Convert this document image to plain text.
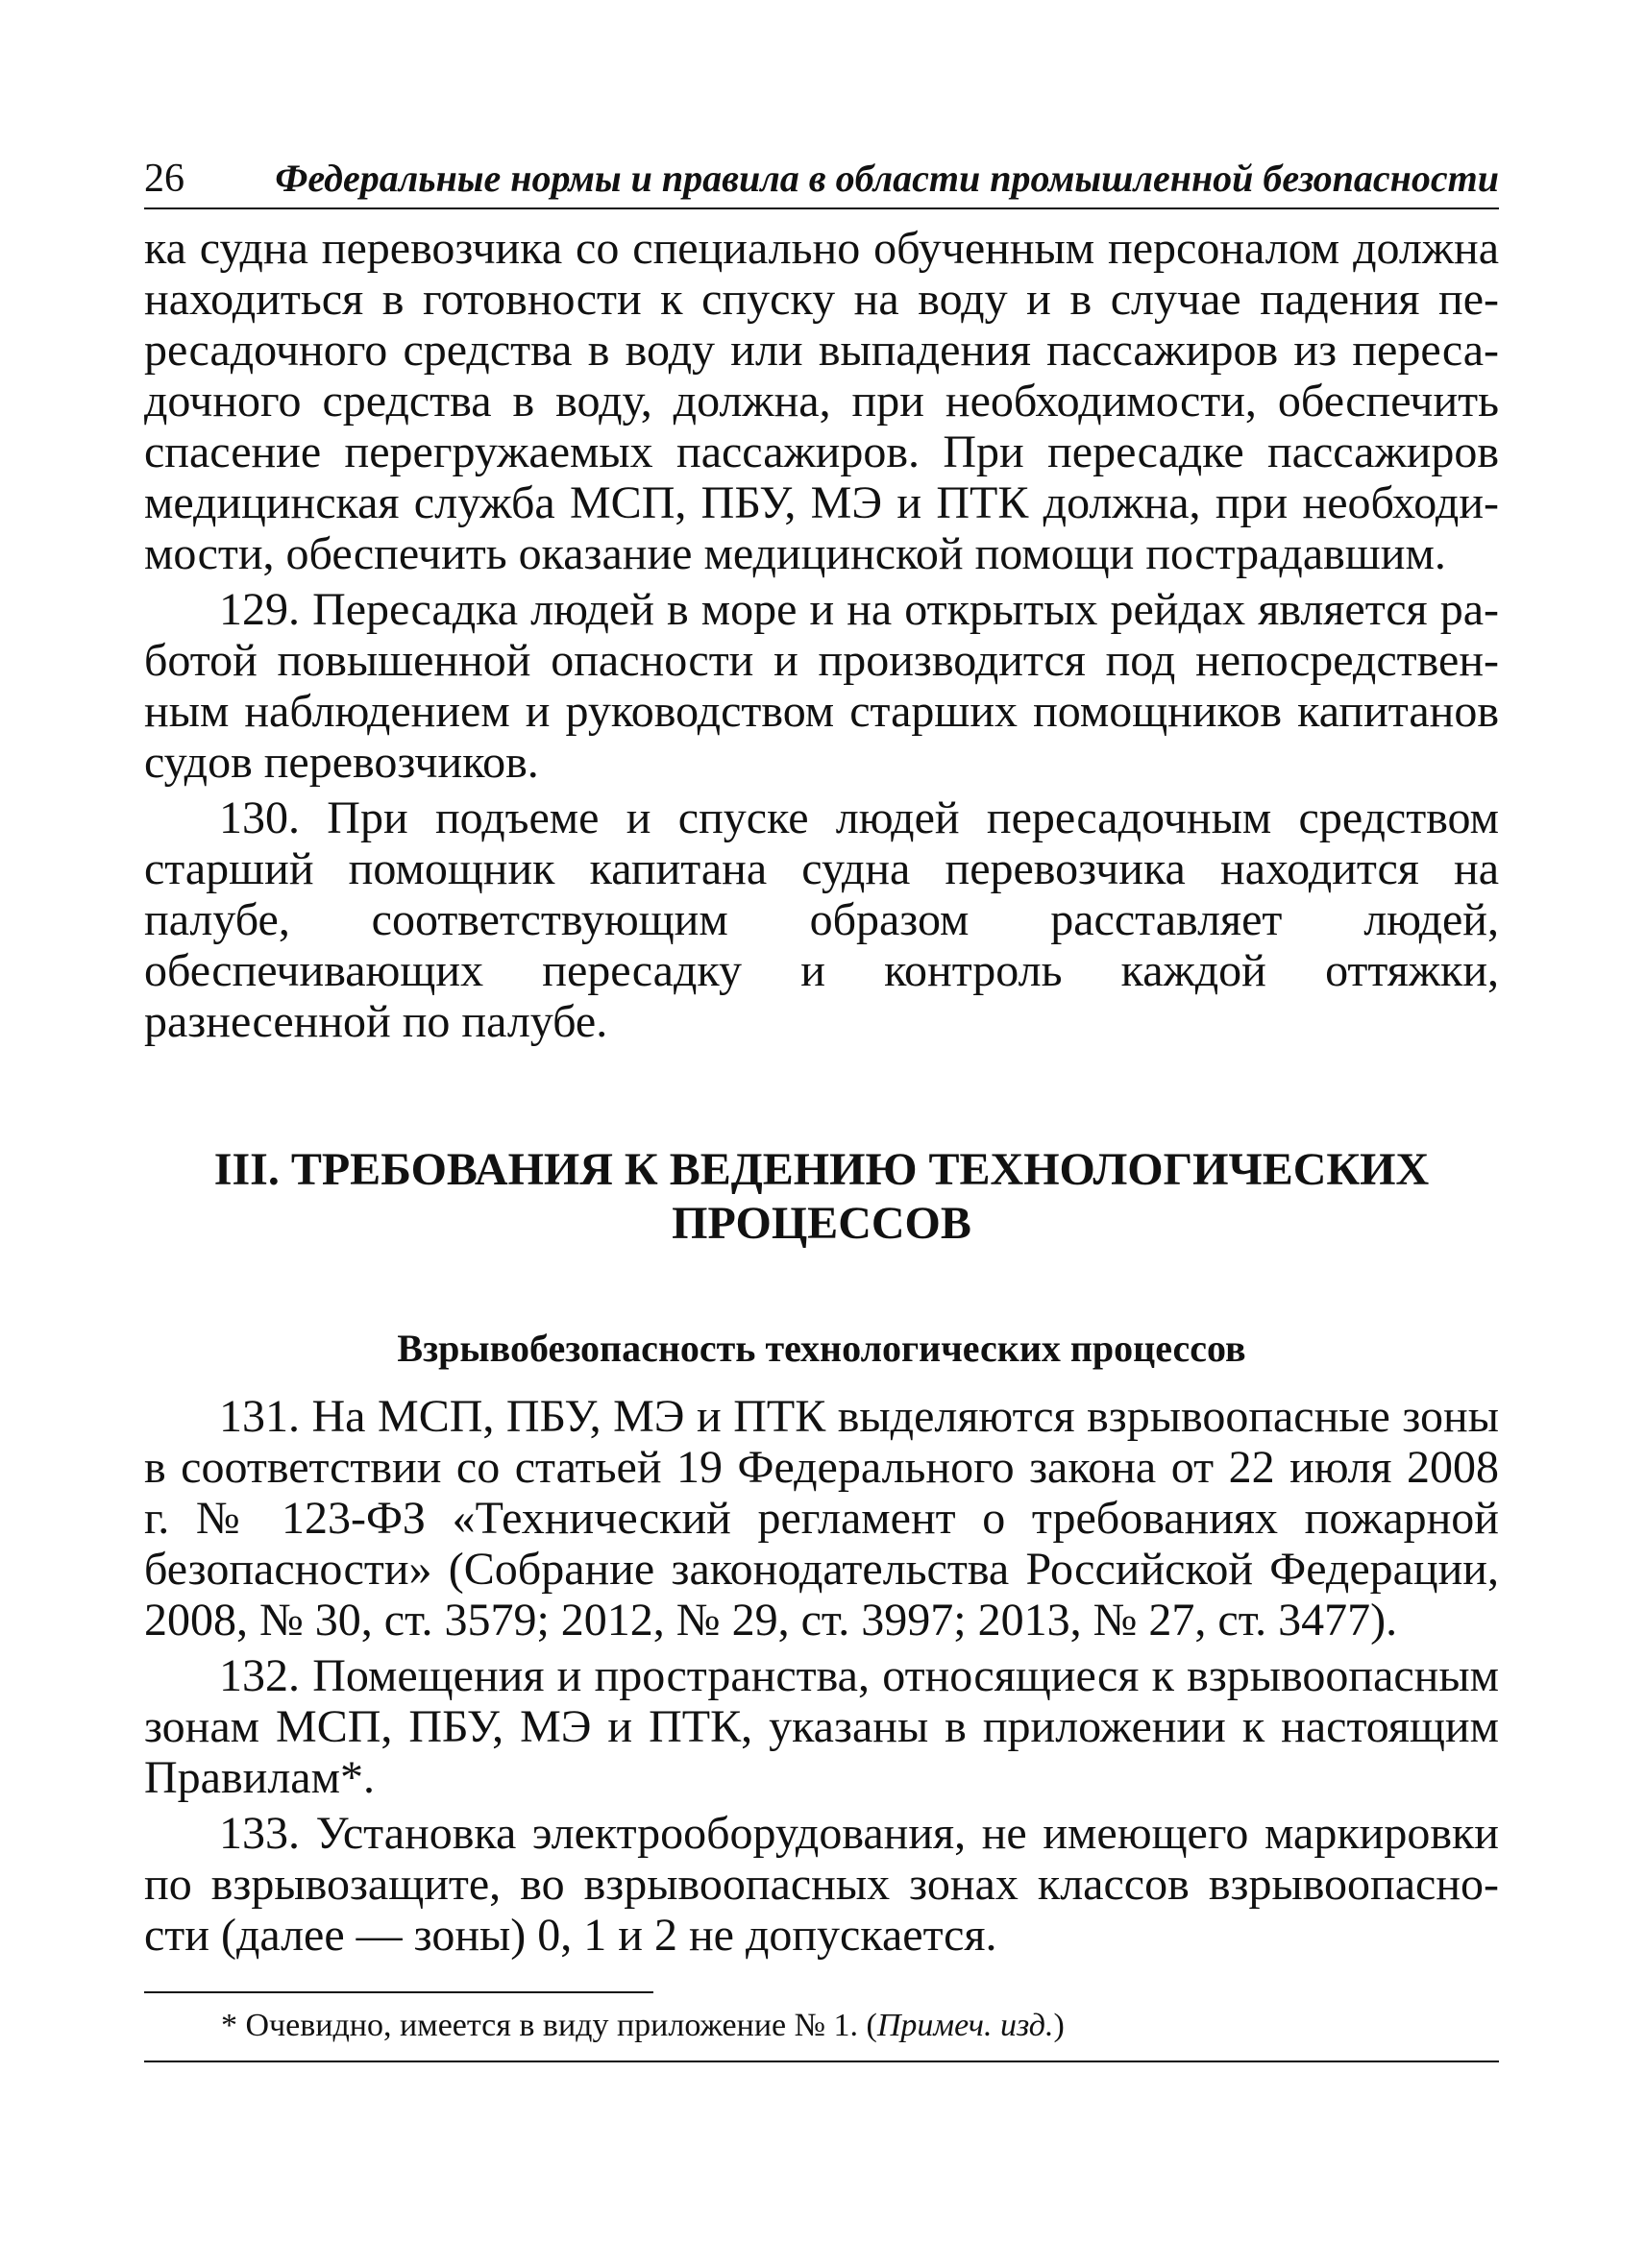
26 Федеральные нормы и правила в области промышленной безопасности

ка судна перевозчика со специально обученным персоналом должна находиться в готовности к спуску на воду и в случае падения пересадочного средства в воду или выпадения пассажиров из пересадочного средства в воду, должна, при необходимости, обеспечить спасение перегружаемых пассажиров. При пересадке пассажиров медицинская служба МСП, ПБУ, МЭ и ПТК должна, при необходимости, обеспечить оказание медицинской помощи пострадавшим.

129. Пересадка людей в море и на открытых рейдах является работой повышенной опасности и производится под непосредственным наблюдением и руководством старших помощников капитанов судов перевозчиков.

130. При подъеме и спуске людей пересадочным средством старший помощник капитана судна перевозчика находится на палубе, соответствующим образом расставляет людей, обеспечивающих пересадку и контроль каждой оттяжки, разнесенной по палубе.

III. ТРЕБОВАНИЯ К ВЕДЕНИЮ ТЕХНОЛОГИЧЕСКИХ
ПРОЦЕССОВ
Взрывобезопасность технологических процессов

131. На МСП, ПБУ, МЭ и ПТК выделяются взрывоопасные зоны в соответствии со статьей 19 Федерального закона от 22 июля 2008 г. № 123-ФЗ «Технический регламент о требованиях пожарной безопасности» (Собрание законодательства Российской Федерации, 2008, № 30, ст. 3579; 2012, № 29, ст. 3997; 2013, № 27, ст. 3477).

132. Помещения и пространства, относящиеся к взрывоопасным зонам МСП, ПБУ, МЭ и ПТК, указаны в приложении к настоящим Правилам*.

133. Установка электрооборудования, не имеющего маркировки по взрывозащите, во взрывоопасных зонах классов взрывоопасности (далее — зоны) 0, 1 и 2 не допускается.

* Очевидно, имеется в виду приложение № 1. (Примеч. изд.)
